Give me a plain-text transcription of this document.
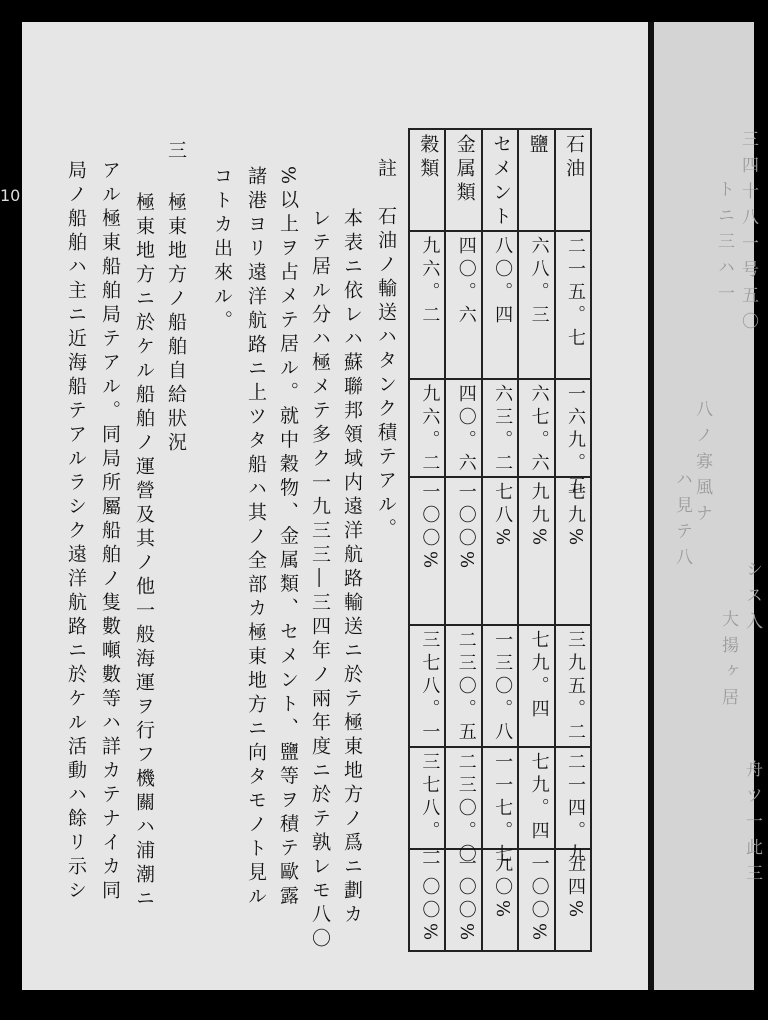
10
穀類	金属類	セメント	鹽	石油
九六。二	四〇。六	八〇。四	六八。三	二一五。七
九六。二	四〇。六	六三。二	六七。六	一六九。五
一〇〇%	一〇〇%	七八%	九九%	七九%
三七八。一	二三〇。五	一三〇。八	七九。四	三九五。二
三七八。一	二三〇。〇	一一七。七	七九。四	二一四。九
一〇〇%	一〇〇%	九〇%	一〇〇%	五四%
註　石油ノ輸送ハタンク積テアル。
本表ニ依レハ蘇聯邦領域内遠洋航路輸送ニ於テ極東地方ノ爲ニ劃カ
レテ居ル分ハ極メテ多ク一九三三―三四年ノ兩年度ニ於テ孰レモ八〇
%以上ヲ占メテ居ル。就中穀物、金属類、セメント、鹽等ヲ積テ歐露
諸港ヨリ遠洋航路ニ上ツタ船ハ其ノ全部カ極東地方ニ向タモノト見ル
コトカ出來ル。
三
極東地方ノ船舶自給狀況
極東地方ニ於ケル船舶ノ運營及其ノ他一般海運ヲ行フ機關ハ浦潮ニ
アル極東船舶局テアル。同局所屬船舶ノ隻數噸數等ハ詳カテナイカ同
局ノ船舶ハ主ニ近海船テアルラシク遠洋航路ニ於ケル活動ハ餘リ示シ	三四十八一号五〇
トニ三ハ一
八ノ寡風ナ
ハ見テ八
シス入
大揚ヶ居
舟ツ一此三
